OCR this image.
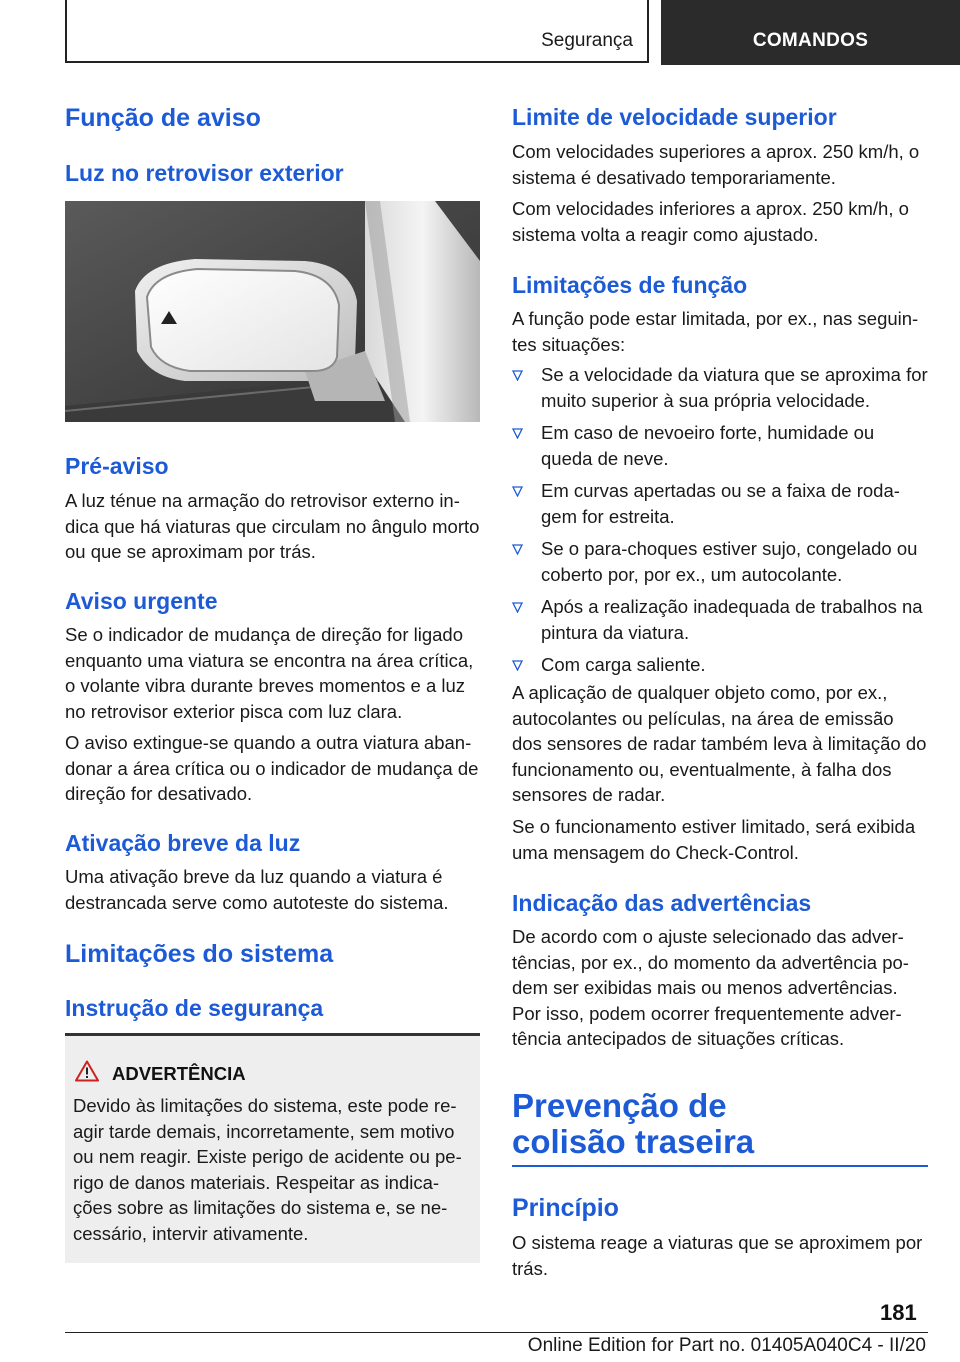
Segurança	COMANDOS
Função de aviso
Luz no retrovisor exterior
Pré-aviso
A luz ténue na armação do retrovisor externo in-dica que há viaturas que circulam no ângulo morto ou que se aproximam por trás.
Aviso urgente
Se o indicador de mudança de direção for ligado enquanto uma viatura se encontra na área crítica, o volante vibra durante breves momentos e a luz no retrovisor exterior pisca com luz clara.
O aviso extingue-se quando a outra viatura aban-donar a área crítica ou o indicador de mudança de direção for desativado.
Ativação breve da luz
Uma ativação breve da luz quando a viatura é destrancada serve como autoteste do sistema.
Limitações do sistema
Instrução de segurança
ADVERTÊNCIA
Devido às limitações do sistema, este pode re-agir tarde demais, incorretamente, sem motivo ou nem reagir. Existe perigo de acidente ou pe-rigo de danos materiais. Respeitar as indica-ções sobre as limitações do sistema e, se ne-cessário, intervir ativamente.
Limite de velocidade superior
Com velocidades superiores a aprox. 250 km/h, o sistema é desativado temporariamente.
Com velocidades inferiores a aprox. 250 km/h, o sistema volta a reagir como ajustado.
Limitações de função
A função pode estar limitada, por ex., nas seguin-tes situações:
Se a velocidade da viatura que se aproxima for muito superior à sua própria velocidade.
Em caso de nevoeiro forte, humidade ou queda de neve.
Em curvas apertadas ou se a faixa de roda-gem for estreita.
Se o para-choques estiver sujo, congelado ou coberto por, por ex., um autocolante.
Após a realização inadequada de trabalhos na pintura da viatura.
Com carga saliente.
A aplicação de qualquer objeto como, por ex., autocolantes ou películas, na área de emissão dos sensores de radar também leva à limitação do funcionamento ou, eventualmente, à falha dos sensores de radar.
Se o funcionamento estiver limitado, será exibida uma mensagem do Check-Control.
Indicação das advertências
De acordo com o ajuste selecionado das adver-tências, por ex., do momento da advertência po-dem ser exibidas mais ou menos advertências. Por isso, podem ocorrer frequentemente adver-tência antecipados de situações críticas.
Prevenção de colisão traseira
Princípio
O sistema reage a viaturas que se aproximem por trás.
181
Online Edition for Part no. 01405A040C4 - II/20
